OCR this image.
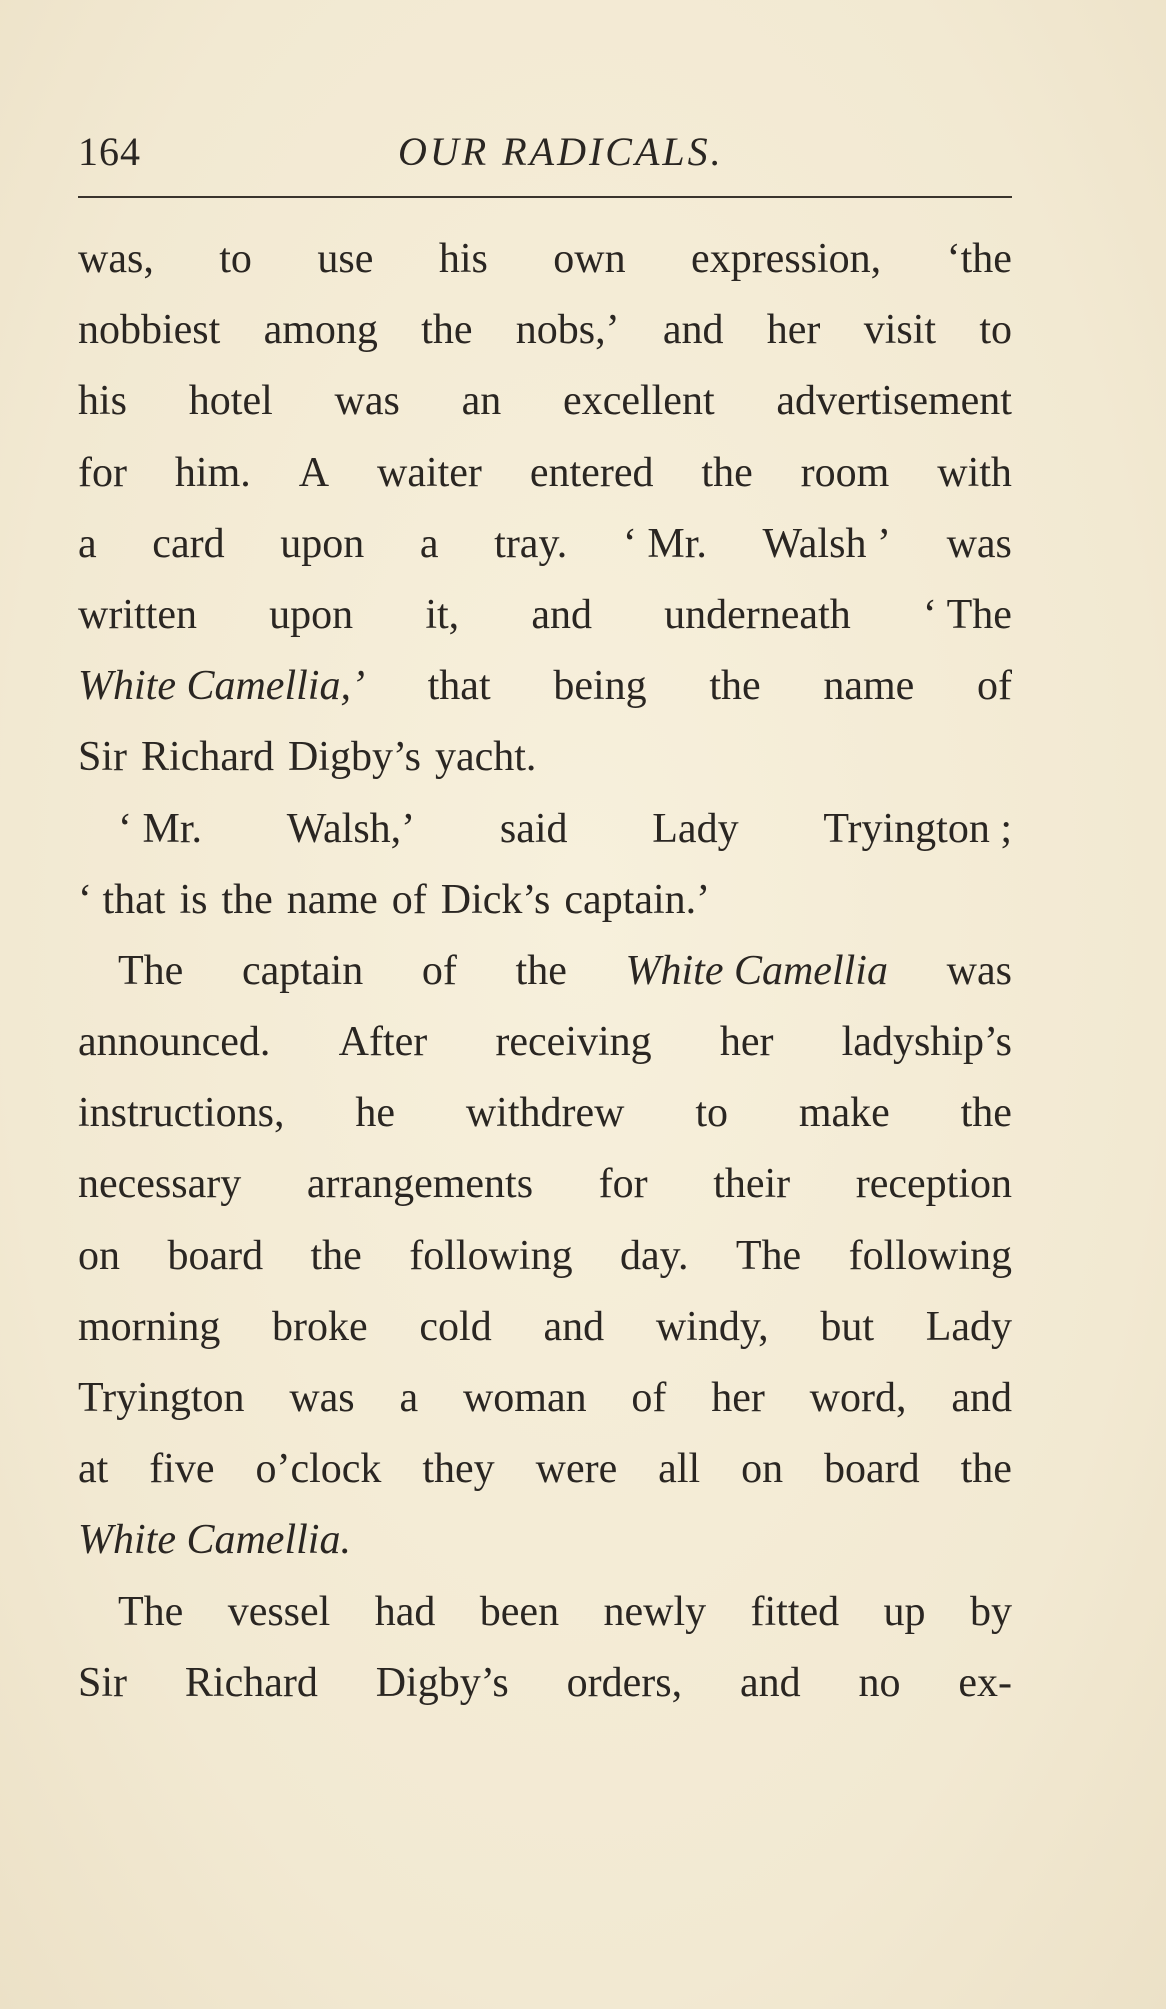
164	OUR RADICALS.
was, to use his own expression, ‘the
nobbiest among the nobs,’ and her visit to
his hotel was an excellent advertisement
for him. A waiter entered the room with
a card upon a tray. ‘ Mr. Walsh ’ was
written upon it, and underneath ‘ The
White Camellia,’ that being the name of
Sir Richard Digby’s yacht.
‘ Mr. Walsh,’ said Lady Tryington ;
‘ that is the name of Dick’s captain.’
The captain of the White Camellia was
announced. After receiving her ladyship’s
instructions, he withdrew to make the
necessary arrangements for their reception
on board the following day. The following
morning broke cold and windy, but Lady
Tryington was a woman of her word, and
at five o’clock they were all on board the
White Camellia.
The vessel had been newly fitted up by
Sir Richard Digby’s orders, and no ex-
